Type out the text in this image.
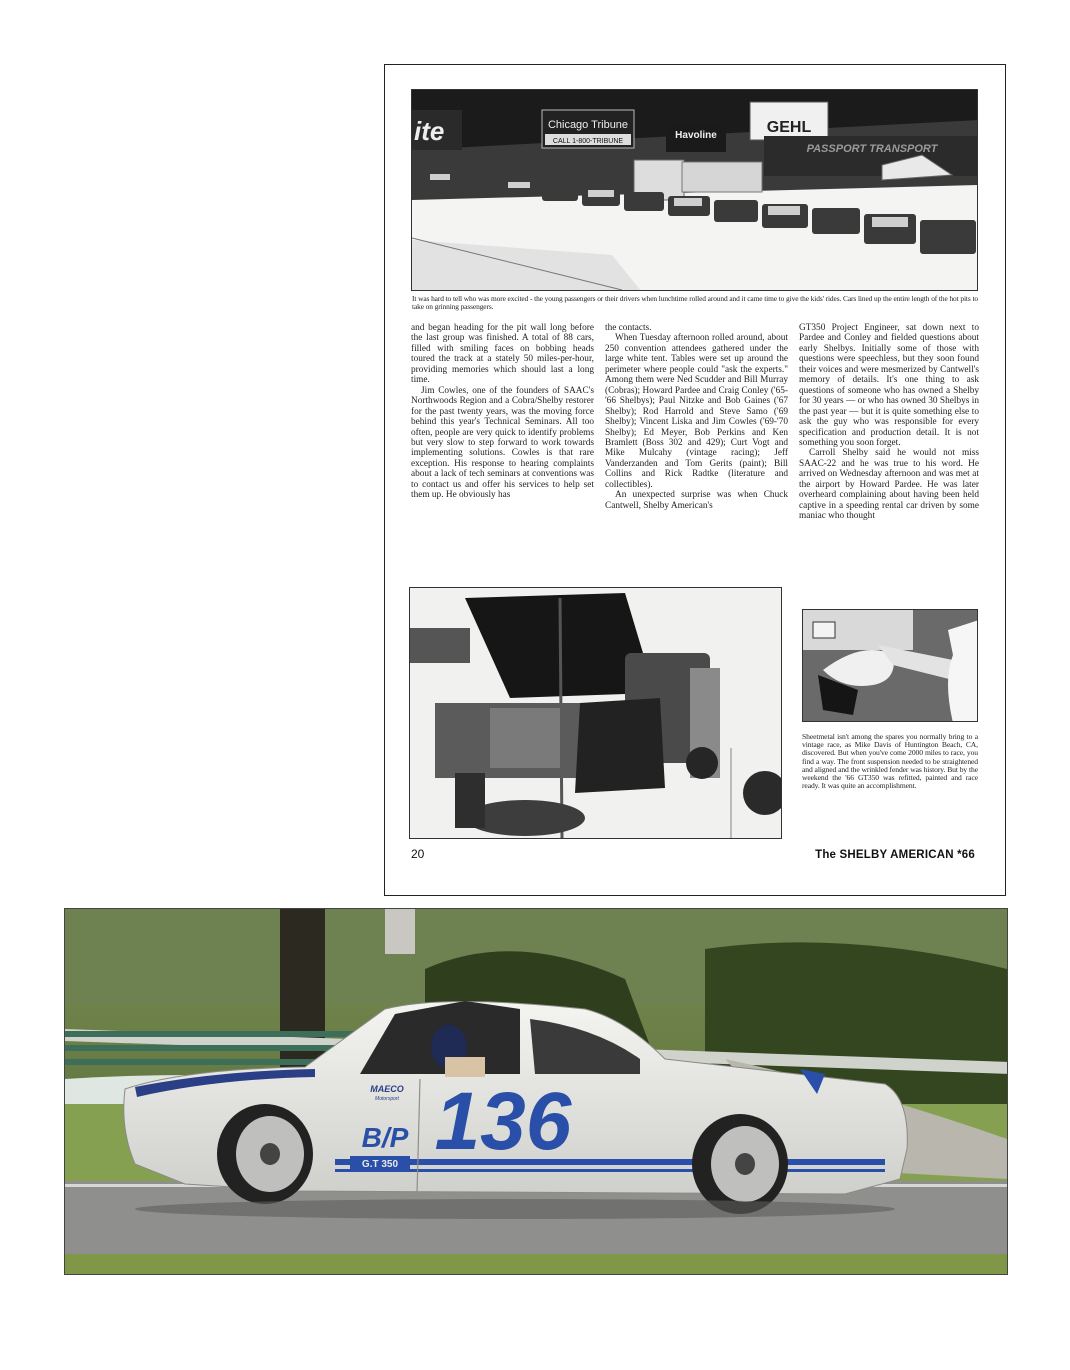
ite	Chicago Tribune
CALL 1-800-TRIBUNE
Havoline	GEHL
PASSPORT TRANSPORT
It was hard to tell who was more excited - the young passengers or their drivers when lunchtime rolled around and it came time to give the kids' rides. Cars lined up the entire length of the hot pits to take on grinning passengers.

and began heading for the pit wall long before the last group was finished. A total of 88 cars, filled with smiling faces on bobbing heads toured the track at a stately 50 miles-per-hour, providing memories which should last a long time.

Jim Cowles, one of the founders of SAAC's Northwoods Region and a Cobra/Shelby restorer for the past twenty years, was the moving force behind this year's Technical Seminars. All too often, people are very quick to identify problems but very slow to step forward to work towards implementing solutions. Cowles is that rare exception. His response to hearing complaints about a lack of tech seminars at conventions was to contact us and offer his services to help set them up. He obviously has

the contacts.

When Tuesday afternoon rolled around, about 250 convention attendees gathered under the large white tent. Tables were set up around the perimeter where people could "ask the experts." Among them were Ned Scudder and Bill Murray (Cobras); Howard Pardee and Craig Conley ('65-'66 Shelbys); Paul Nitzke and Bob Gaines ('67 Shelby); Rod Harrold and Steve Samo ('69 Shelby); Vincent Liska and Jim Cowles ('69-'70 Shelby); Ed Meyer, Bob Perkins and Ken Bramlett (Boss 302 and 429); Curt Vogt and Mike Mulcahy (vintage racing); Jeff Vanderzanden and Tom Gerits (paint); Bill Collins and Rick Radtke (literature and collectibles).

An unexpected surprise was when Chuck Cantwell, Shelby American's

GT350 Project Engineer, sat down next to Pardee and Conley and fielded questions about early Shelbys. Initially some of those with questions were speechless, but they soon found their voices and were mesmerized by Cantwell's memory of details. It's one thing to ask questions of someone who has owned a Shelby for 30 years — or who has owned 30 Shelbys in the past year — but it is quite something else to ask the guy who was responsible for every specification and production detail. It is not something you soon forget.

Carroll Shelby said he would not miss SAAC-22 and he was true to his word. He arrived on Wednesday afternoon and was met at the airport by Howard Pardee. He was later overheard complaining about having been held captive in a speeding rental car driven by some maniac who thought

Sheetmetal isn't among the spares you normally bring to a vintage race, as Mike Davis of Huntington Beach, CA, discovered. But when you've come 2000 miles to race, you find a way. The front suspension needed to be straightened and aligned and the wrinkled fender was history. But by the weekend the '66 GT350 was refitted, painted and race ready. It was quite an accomplishment.
20	The SHELBY AMERICAN *66
G.T 350
MAECO
Motorsport
B/P 136
